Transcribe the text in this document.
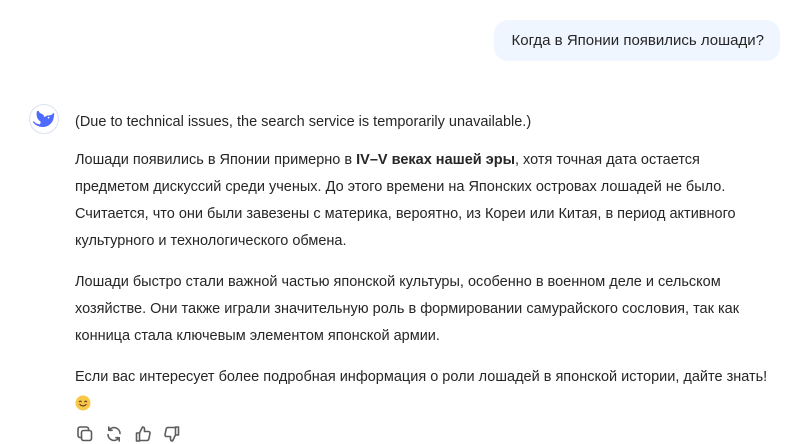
Когда в Японии появились лошади?

(Due to technical issues, the search service is temporarily unavailable.)

Лошади появились в Японии примерно в IV–V веках нашей эры, хотя точная дата остается предметом дискуссий среди ученых. До этого времени на Японских островах лошадей не было. Считается, что они были завезены с материка, вероятно, из Кореи или Китая, в период активного культурного и технологического обмена.

Лошади быстро стали важной частью японской культуры, особенно в военном деле и сельском хозяйстве. Они также играли значительную роль в формировании самурайского сословия, так как конница стала ключевым элементом японской армии.

Если вас интересует более подробная информация о роли лошадей в японской истории, дайте знать!
